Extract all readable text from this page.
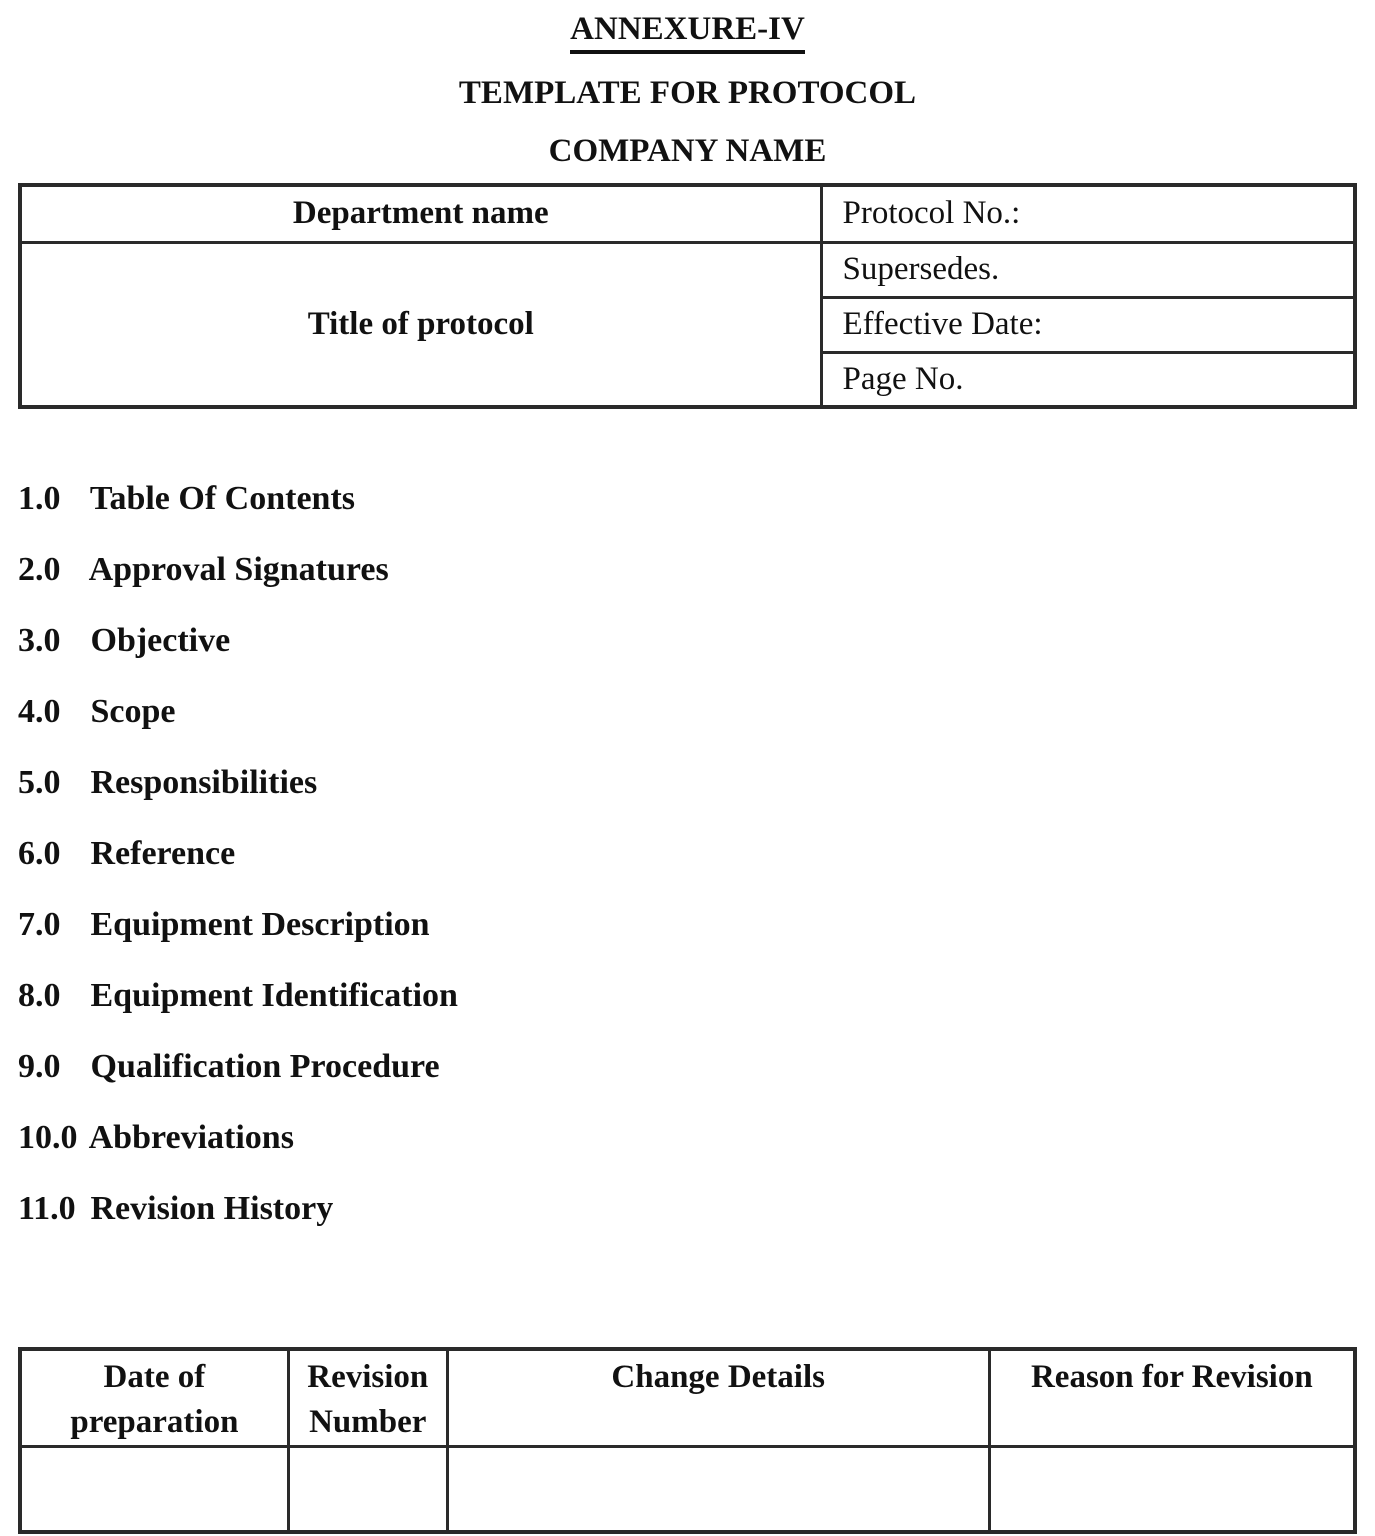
ANNEXURE-IV
TEMPLATE FOR PROTOCOL
COMPANY NAME
Department name	Protocol No.:
Title of protocol	Supersedes.
	Effective Date:
	Page No.
1.0 Table Of Contents
2.0 Approval Signatures
3.0 Objective
4.0 Scope
5.0 Responsibilities
6.0 Reference
7.0 Equipment Description
8.0 Equipment Identification
9.0 Qualification Procedure
10.0 Abbreviations
11.0 Revision History
Date of preparation	Revision Number	Change Details	Reason for Revision
